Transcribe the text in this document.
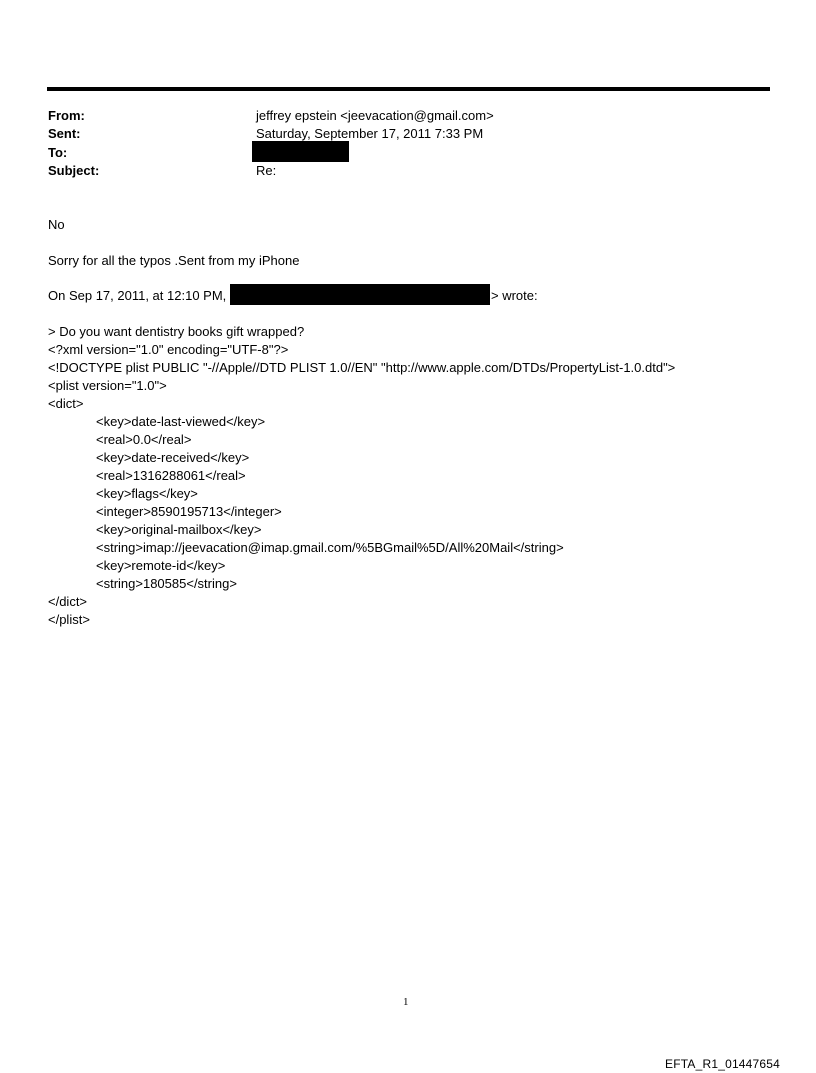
From:	jeffrey epstein <jeevacation@gmail.com>
Sent:	Saturday, September 17, 2011 7:33 PM
To:
Subject:	Re:
No
Sorry for all the typos .Sent from my iPhone
On Sep 17, 2011, at 12:10 PM,	> wrote:
> Do you want dentistry books gift wrapped?
<?xml version="1.0" encoding="UTF-8"?>
<!DOCTYPE plist PUBLIC "-//Apple//DTD PLIST 1.0//EN" "http://www.apple.com/DTDs/PropertyList-1.0.dtd">
<plist version="1.0">
<dict>
<key>date-last-viewed</key>
<real>0.0</real>
<key>date-received</key>
<real>1316288061</real>
<key>flags</key>
<integer>8590195713</integer>
<key>original-mailbox</key>
<string>imap://jeevacation@imap.gmail.com/%5BGmail%5D/All%20Mail</string>
<key>remote-id</key>
<string>180585</string>
</dict>
</plist>
1
EFTA_R1_01447654
